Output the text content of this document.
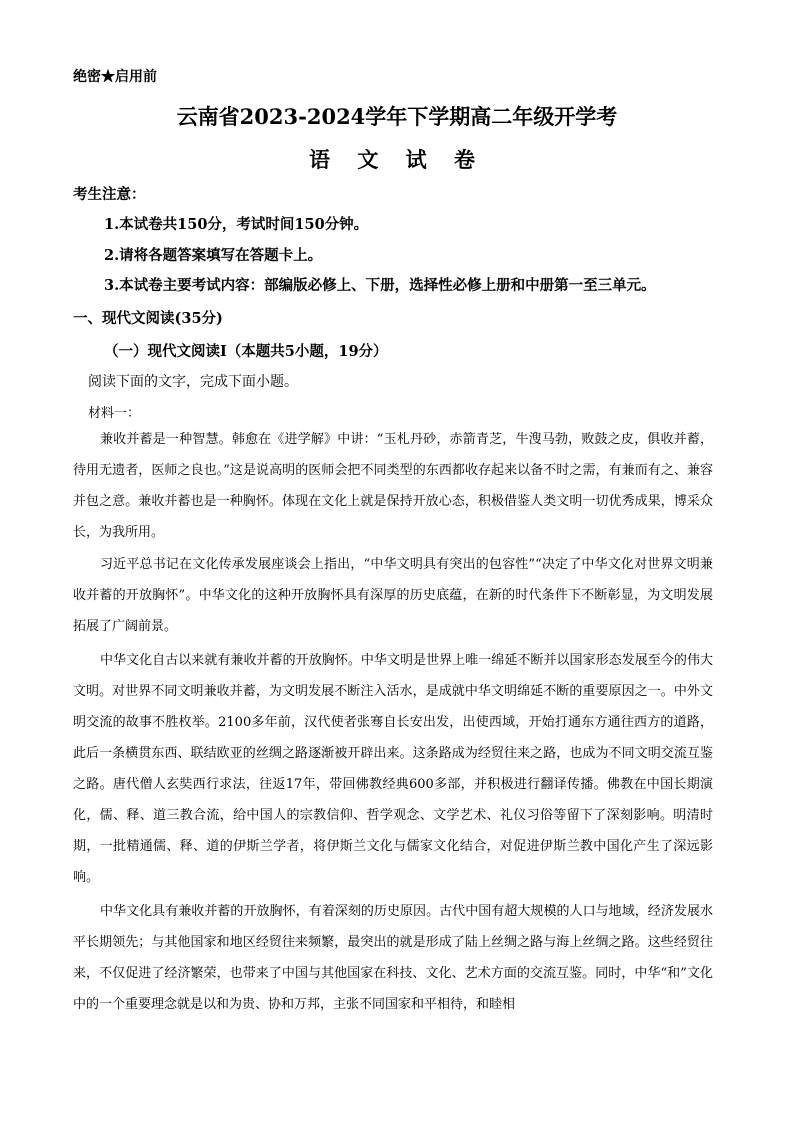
绝密★启用前
云南省2023-2024学年下学期高二年级开学考
语 文 试 卷
考生注意：
1.本试卷共150分，考试时间150分钟。
2.请将各题答案填写在答题卡上。
3.本试卷主要考试内容：部编版必修上、下册，选择性必修上册和中册第一至三单元。
一、现代文阅读(35分)
（一）现代文阅读Ⅰ（本题共5小题，19分）
阅读下面的文字，完成下面小题。
材料一：

兼收并蓄是一种智慧。韩愈在《进学解》中讲：“玉札丹砂，赤箭青芝，牛溲马勃，败鼓之皮，俱收并蓄，待用无遗者，医师之良也。”这是说高明的医师会把不同类型的东西都收存起来以备不时之需，有兼而有之、兼容并包之意。兼收并蓄也是一种胸怀。体现在文化上就是保持开放心态，积极借鉴人类文明一切优秀成果，博采众长，为我所用。

习近平总书记在文化传承发展座谈会上指出，“中华文明具有突出的包容性”“决定了中华文化对世界文明兼收并蓄的开放胸怀”。中华文化的这种开放胸怀具有深厚的历史底蕴，在新的时代条件下不断彰显，为文明发展拓展了广阔前景。

中华文化自古以来就有兼收并蓄的开放胸怀。中华文明是世界上唯一绵延不断并以国家形态发展至今的伟大文明。对世界不同文明兼收并蓄，为文明发展不断注入活水，是成就中华文明绵延不断的重要原因之一。中外文明交流的故事不胜枚举。2100多年前，汉代使者张骞自长安出发，出使西域，开始打通东方通往西方的道路，此后一条横贯东西、联结欧亚的丝绸之路逐渐被开辟出来。这条路成为经贸往来之路，也成为不同文明交流互鉴之路。唐代僧人玄奘西行求法，往返17年，带回佛教经典600多部，并积极进行翻译传播。佛教在中国长期演化，儒、释、道三教合流，给中国人的宗教信仰、哲学观念、文学艺术、礼仪习俗等留下了深刻影响。明清时期，一批精通儒、释、道的伊斯兰学者，将伊斯兰文化与儒家文化结合，对促进伊斯兰教中国化产生了深远影响。

中华文化具有兼收并蓄的开放胸怀，有着深刻的历史原因。古代中国有超大规模的人口与地域，经济发展水平长期领先；与其他国家和地区经贸往来频繁，最突出的就是形成了陆上丝绸之路与海上丝绸之路。这些经贸往来，不仅促进了经济繁荣，也带来了中国与其他国家在科技、文化、艺术方面的交流互鉴。同时，中华“和”文化中的一个重要理念就是以和为贵、协和万邦，主张不同国家和平相待，和睦相
